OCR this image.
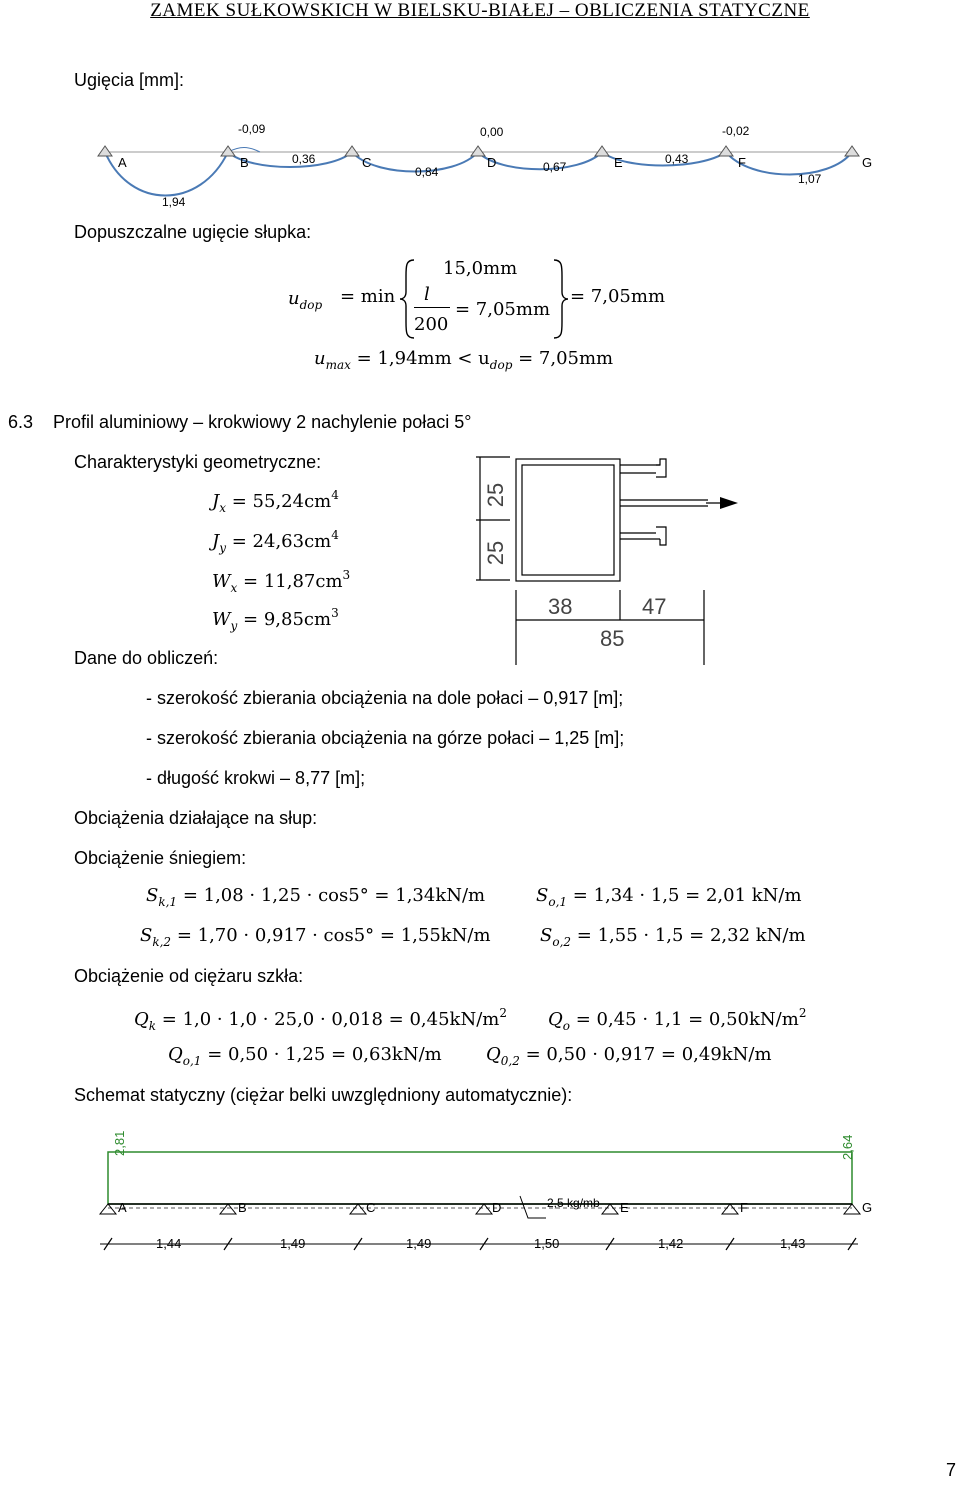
ZAMEK SUŁKOWSKICH W BIELSKU-BIAŁEJ – OBLICZENIA STATYCZNE
Ugięcia [mm]:
A	B	C	D	E	F	G
-0,09	0,00	-0,02
1,94
0,36
0,84	0,67
0,43
1,07
Dopuszczalne ugięcie słupka:
$u_{dop} = \min$
15,0mm
l
200
= 7,05mm
= 7,05mm
$u_{max} = 1,94mm < u_{dop} = 7,05mm$
6.3 Profil aluminiowy – krokwiowy 2 nachylenie połaci 5°
Charakterystyki geometryczne:
$J_x = 55,24cm^4$
$J_y = 24,63cm^4$
$W_x = 11,87cm^3$
$W_y = 9,85cm^3$
25
25
38	47
85
Dane do obliczeń:
- szerokość zbierania obciążenia na dole połaci – 0,917 [m];
- szerokość zbierania obciążenia na górze połaci – 1,25 [m];
- długość krokwi – 8,77 [m];
Obciążenia działające na słup:
Obciążenie śniegiem:
$S_{k,1} = 1,08 \cdot 1,25 \cdot \cos 5^\circ = 1,34kN/m$	$S_{o,1} = 1,34 \cdot 1,5 = 2,01$ kN/m
$S_{k,2} = 1,70 \cdot 0,917 \cdot \cos 5^\circ = 1,55kN/m$	$S_{o,2} = 1,55 \cdot 1,5 = 2,32$ kN/m
Obciążenie od ciężaru szkła:
$Q_k = 1,0 \cdot 1,0 \cdot 25,0 \cdot 0,018 = 0,45kN/m^2$ $Q_o = 0,45 \cdot 1,1 = 0,50kN/m^2$
$Q_{o,1} = 0,50 \cdot 1,25 = 0,63kN/m$ $Q_{0,2} = 0,50 \cdot 0,917 = 0,49kN/m$
Schemat statyczny (ciężar belki uwzględniony automatycznie):
2,81	2,64
2,5 kg/mb
A	B	C	D	E	F	G
1,44	1,49	1,49	1,50	1,42	1,43
7
